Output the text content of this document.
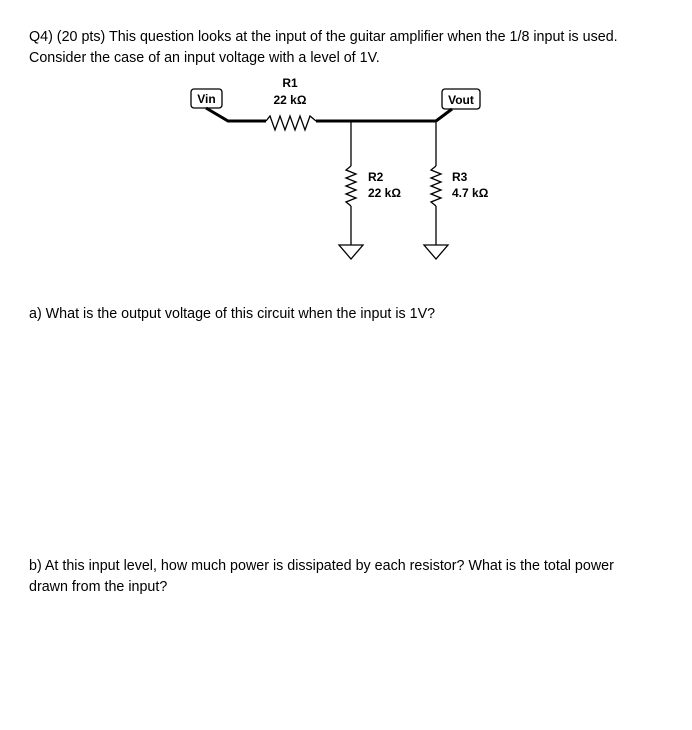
Q4) (20 pts) This question looks at the input of the guitar amplifier when the 1/8 input is used.
Consider the case of an input voltage with a level of 1V.
Vin	Vout
R1
22 kΩ
R2
22 kΩ
R3
4.7 kΩ
a) What is the output voltage of this circuit when the input is 1V?
b) At this input level, how much power is dissipated by each resistor? What is the total power
drawn from the input?
